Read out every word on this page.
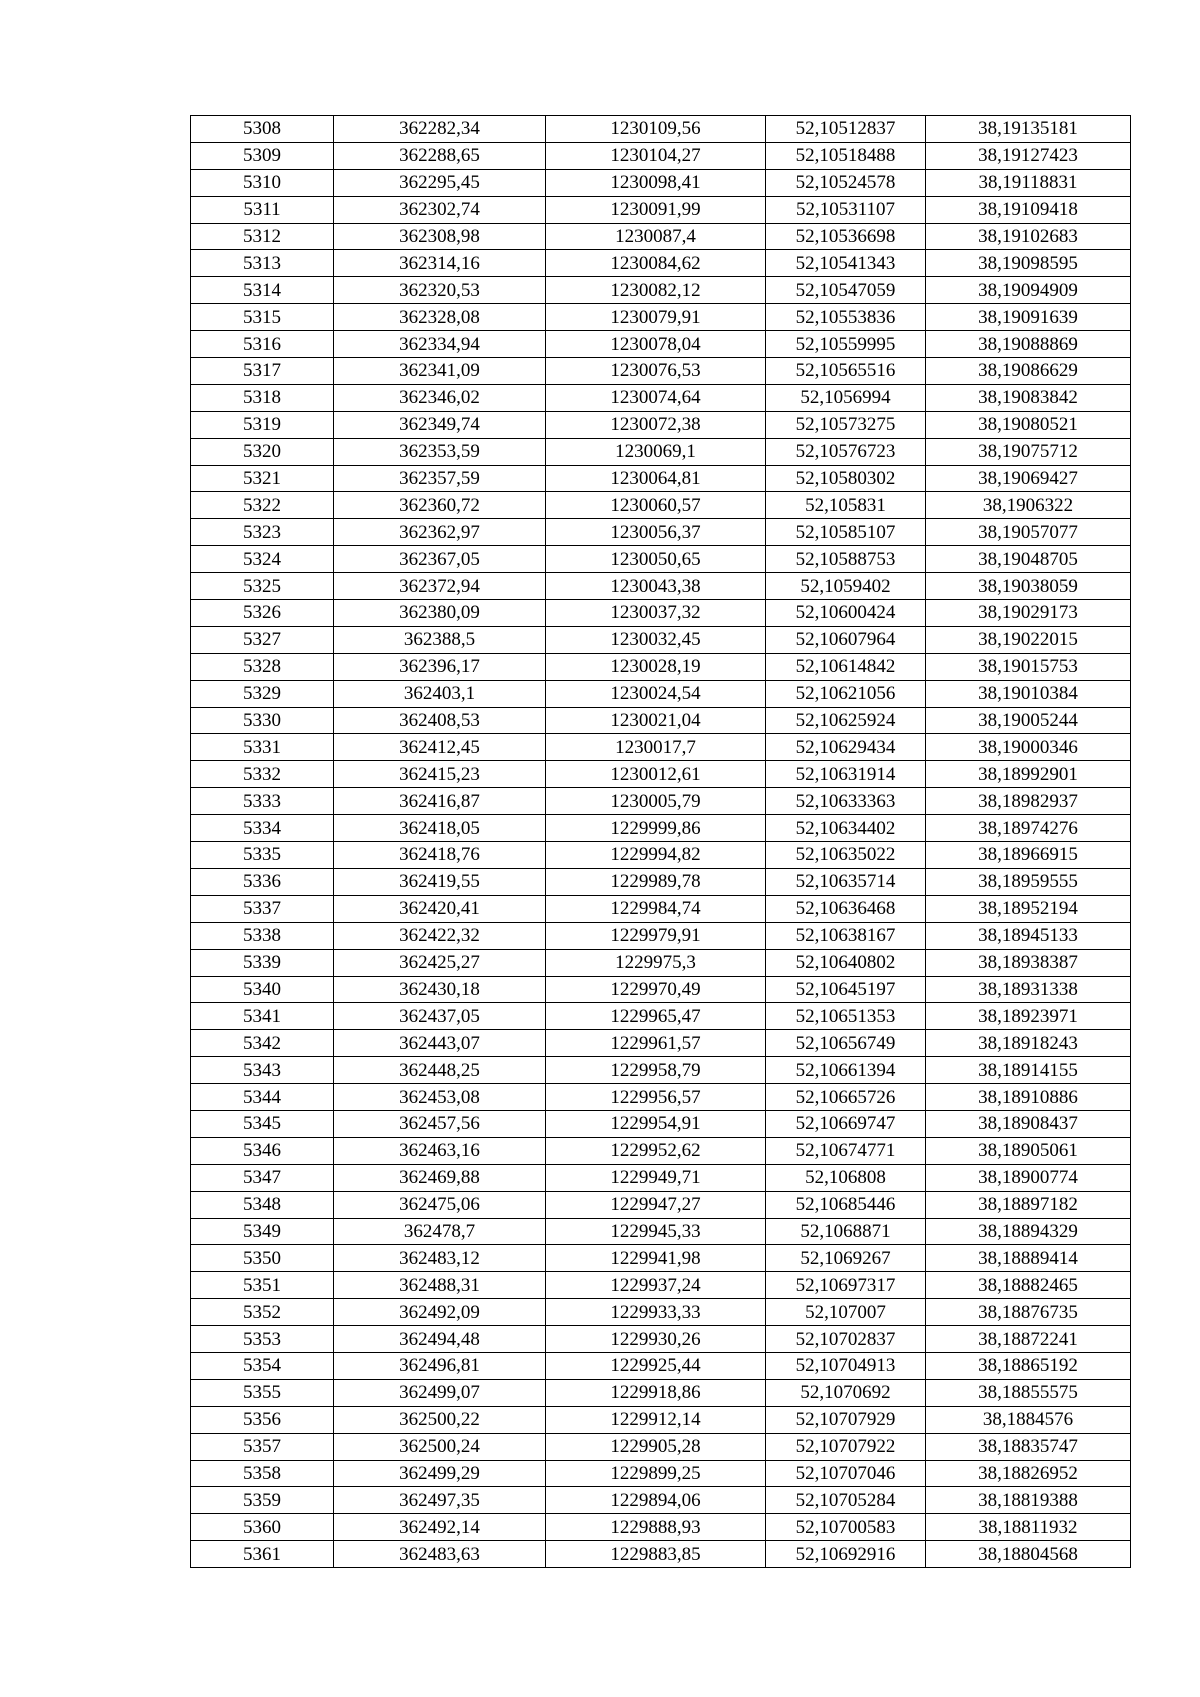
5308	362282,34	1230109,56	52,10512837	38,19135181
5309	362288,65	1230104,27	52,10518488	38,19127423
5310	362295,45	1230098,41	52,10524578	38,19118831
5311	362302,74	1230091,99	52,10531107	38,19109418
5312	362308,98	1230087,4	52,10536698	38,19102683
5313	362314,16	1230084,62	52,10541343	38,19098595
5314	362320,53	1230082,12	52,10547059	38,19094909
5315	362328,08	1230079,91	52,10553836	38,19091639
5316	362334,94	1230078,04	52,10559995	38,19088869
5317	362341,09	1230076,53	52,10565516	38,19086629
5318	362346,02	1230074,64	52,1056994	38,19083842
5319	362349,74	1230072,38	52,10573275	38,19080521
5320	362353,59	1230069,1	52,10576723	38,19075712
5321	362357,59	1230064,81	52,10580302	38,19069427
5322	362360,72	1230060,57	52,105831	38,1906322
5323	362362,97	1230056,37	52,10585107	38,19057077
5324	362367,05	1230050,65	52,10588753	38,19048705
5325	362372,94	1230043,38	52,1059402	38,19038059
5326	362380,09	1230037,32	52,10600424	38,19029173
5327	362388,5	1230032,45	52,10607964	38,19022015
5328	362396,17	1230028,19	52,10614842	38,19015753
5329	362403,1	1230024,54	52,10621056	38,19010384
5330	362408,53	1230021,04	52,10625924	38,19005244
5331	362412,45	1230017,7	52,10629434	38,19000346
5332	362415,23	1230012,61	52,10631914	38,18992901
5333	362416,87	1230005,79	52,10633363	38,18982937
5334	362418,05	1229999,86	52,10634402	38,18974276
5335	362418,76	1229994,82	52,10635022	38,18966915
5336	362419,55	1229989,78	52,10635714	38,18959555
5337	362420,41	1229984,74	52,10636468	38,18952194
5338	362422,32	1229979,91	52,10638167	38,18945133
5339	362425,27	1229975,3	52,10640802	38,18938387
5340	362430,18	1229970,49	52,10645197	38,18931338
5341	362437,05	1229965,47	52,10651353	38,18923971
5342	362443,07	1229961,57	52,10656749	38,18918243
5343	362448,25	1229958,79	52,10661394	38,18914155
5344	362453,08	1229956,57	52,10665726	38,18910886
5345	362457,56	1229954,91	52,10669747	38,18908437
5346	362463,16	1229952,62	52,10674771	38,18905061
5347	362469,88	1229949,71	52,106808	38,18900774
5348	362475,06	1229947,27	52,10685446	38,18897182
5349	362478,7	1229945,33	52,1068871	38,18894329
5350	362483,12	1229941,98	52,1069267	38,18889414
5351	362488,31	1229937,24	52,10697317	38,18882465
5352	362492,09	1229933,33	52,107007	38,18876735
5353	362494,48	1229930,26	52,10702837	38,18872241
5354	362496,81	1229925,44	52,10704913	38,18865192
5355	362499,07	1229918,86	52,1070692	38,18855575
5356	362500,22	1229912,14	52,10707929	38,1884576
5357	362500,24	1229905,28	52,10707922	38,18835747
5358	362499,29	1229899,25	52,10707046	38,18826952
5359	362497,35	1229894,06	52,10705284	38,18819388
5360	362492,14	1229888,93	52,10700583	38,18811932
5361	362483,63	1229883,85	52,10692916	38,18804568
